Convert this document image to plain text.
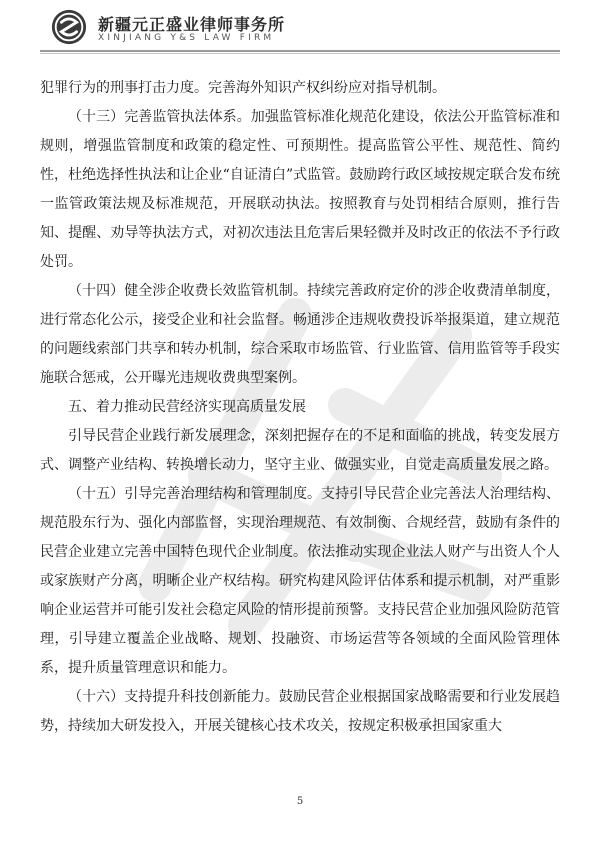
新疆元正盛业律师事务所
XINJIANG Y&S LAW FIRM

犯罪行为的刑事打击力度。完善海外知识产权纠纷应对指导机制。

（十三）完善监管执法体系。加强监管标准化规范化建设，依法公开监管标准和规则，增强监管制度和政策的稳定性、可预期性。提高监管公平性、规范性、简约性，杜绝选择性执法和让企业“自证清白”式监管。鼓励跨行政区域按规定联合发布统一监管政策法规及标准规范，开展联动执法。按照教育与处罚相结合原则，推行告知、提醒、劝导等执法方式，对初次违法且危害后果轻微并及时改正的依法不予行政处罚。

（十四）健全涉企收费长效监管机制。持续完善政府定价的涉企收费清单制度，进行常态化公示，接受企业和社会监督。畅通涉企违规收费投诉举报渠道，建立规范的问题线索部门共享和转办机制，综合采取市场监管、行业监管、信用监管等手段实施联合惩戒，公开曝光违规收费典型案例。

五、着力推动民营经济实现高质量发展

引导民营企业践行新发展理念，深刻把握存在的不足和面临的挑战，转变发展方式、调整产业结构、转换增长动力，坚守主业、做强实业，自觉走高质量发展之路。

（十五）引导完善治理结构和管理制度。支持引导民营企业完善法人治理结构、规范股东行为、强化内部监督，实现治理规范、有效制衡、合规经营，鼓励有条件的民营企业建立完善中国特色现代企业制度。依法推动实现企业法人财产与出资人个人或家族财产分离，明晰企业产权结构。研究构建风险评估体系和提示机制，对严重影响企业运营并可能引发社会稳定风险的情形提前预警。支持民营企业加强风险防范管理，引导建立覆盖企业战略、规划、投融资、市场运营等各领域的全面风险管理体系，提升质量管理意识和能力。

（十六）支持提升科技创新能力。鼓励民营企业根据国家战略需要和行业发展趋势，持续加大研发投入，开展关键核心技术攻关，按规定积极承担国家重大

5
